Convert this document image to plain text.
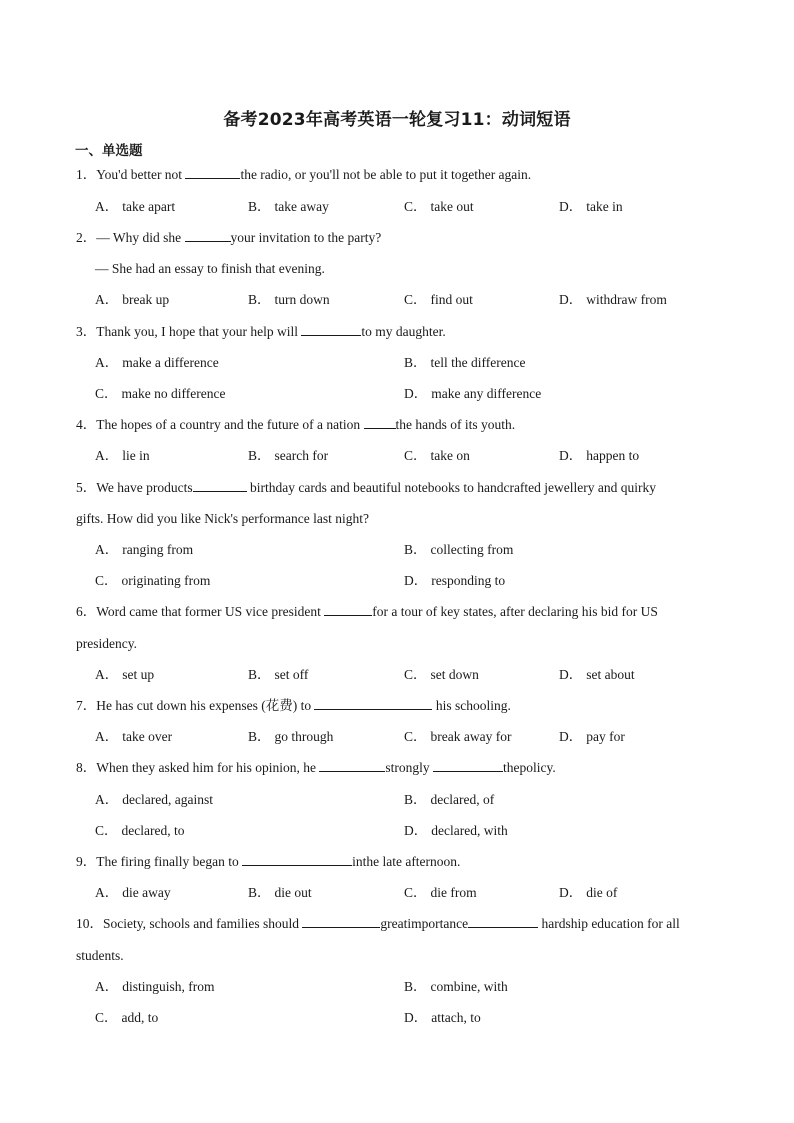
备考2023年高考英语一轮复习11：动词短语
一、单选题
1．You'd better not	the radio, or you'll not be able to put it together again.
A． take apart	B． take away	C． take out	D． take in
2．— Why did she	your invitation to the party?
— She had an essay to finish that evening.
A． break up	B． turn down	C． find out	D． withdraw from
3．Thank you, I hope that your help will	to my daughter.
A． make a difference	B． tell the difference
C． make no difference	D． make any difference
4．The hopes of a country and the future of a nation the hands of its youth.
A． lie in	B． search for	C． take on	D． happen to
5．We have products	birthday cards and beautiful notebooks to handcrafted jewellery and quirky
gifts. How did you like Nick's performance last night?
A． ranging from	B． collecting from
C． originating from	D． responding to
6．Word came that former US vice president	for a tour of key states, after declaring his bid for US
presidency.
A． set up	B． set off	C． set down	D． set about
7．He has cut down his expenses (花费) to	his schooling.
A． take over	B． go through	C． break away for	D． pay for
8．When they asked him for his opinion, he	strongly	thepolicy.
A． declared, against	B． declared, of
C． declared, to	D． declared, with
9．The firing finally began to	inthe late afternoon.
A． die away	B． die out	C． die from	D． die of
10．Society, schools and families should	greatimportance	hardship education for all
students.
A． distinguish, from	B． combine, with
C． add, to	D． attach, to
